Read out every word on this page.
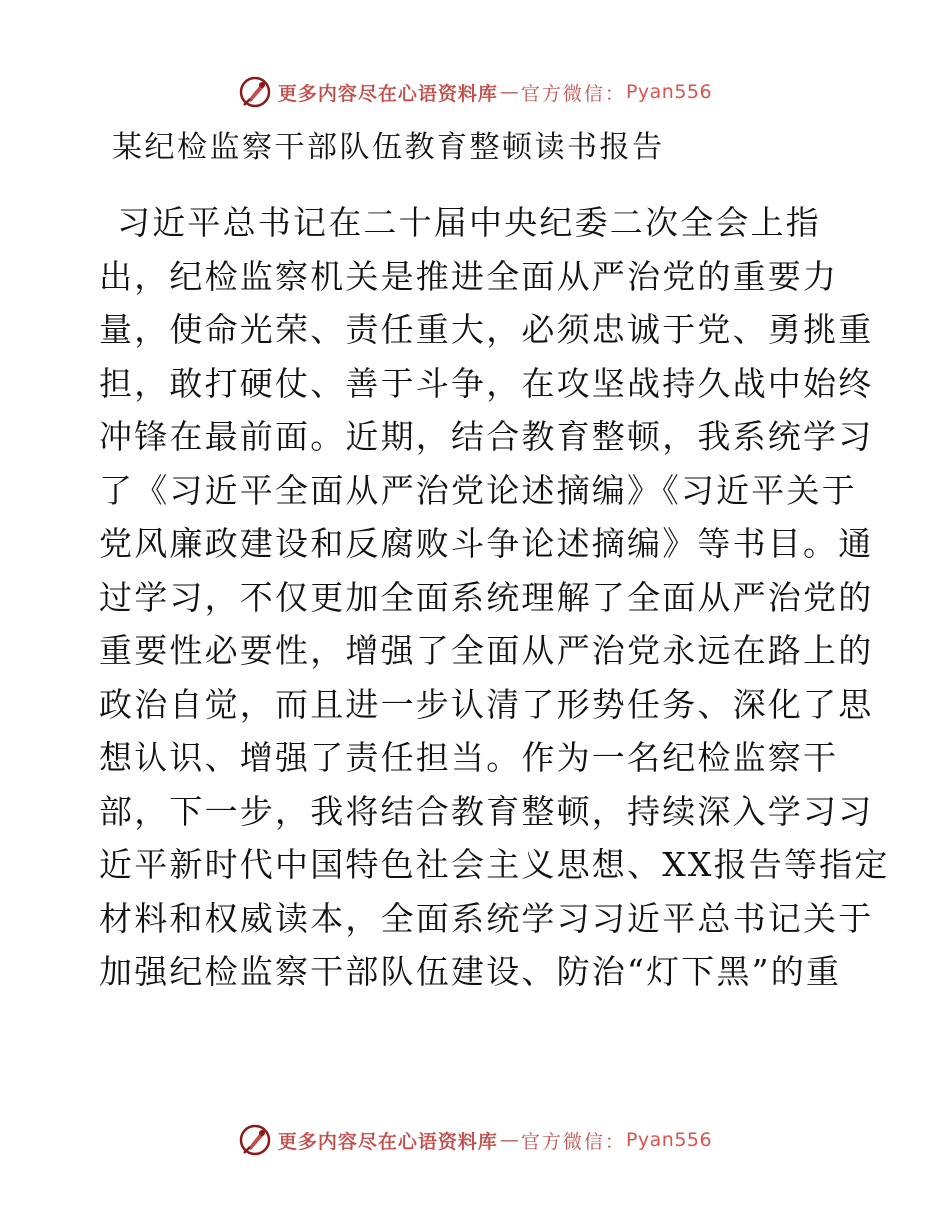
更多内容尽在心语资料库 — 官方微信： Pyan556
某纪检监察干部队伍教育整顿读书报告
习近平总书记在二十届中央纪委二次全会上指
出，纪检监察机关是推进全面从严治党的重要力
量，使命光荣、责任重大，必须忠诚于党、勇挑重
担，敢打硬仗、善于斗争，在攻坚战持久战中始终
冲锋在最前面。近期，结合教育整顿，我系统学习
了《习近平全面从严治党论述摘编》《习近平关于
党风廉政建设和反腐败斗争论述摘编》等书目。通
过学习，不仅更加全面系统理解了全面从严治党的
重要性必要性，增强了全面从严治党永远在路上的
政治自觉，而且进一步认清了形势任务、深化了思
想认识、增强了责任担当。作为一名纪检监察干
部，下一步，我将结合教育整顿，持续深入学习习
近平新时代中国特色社会主义思想、XX报告等指定
材料和权威读本，全面系统学习习近平总书记关于
加强纪检监察干部队伍建设、防治“灯下黑”的重
更多内容尽在心语资料库 — 官方微信： Pyan556
